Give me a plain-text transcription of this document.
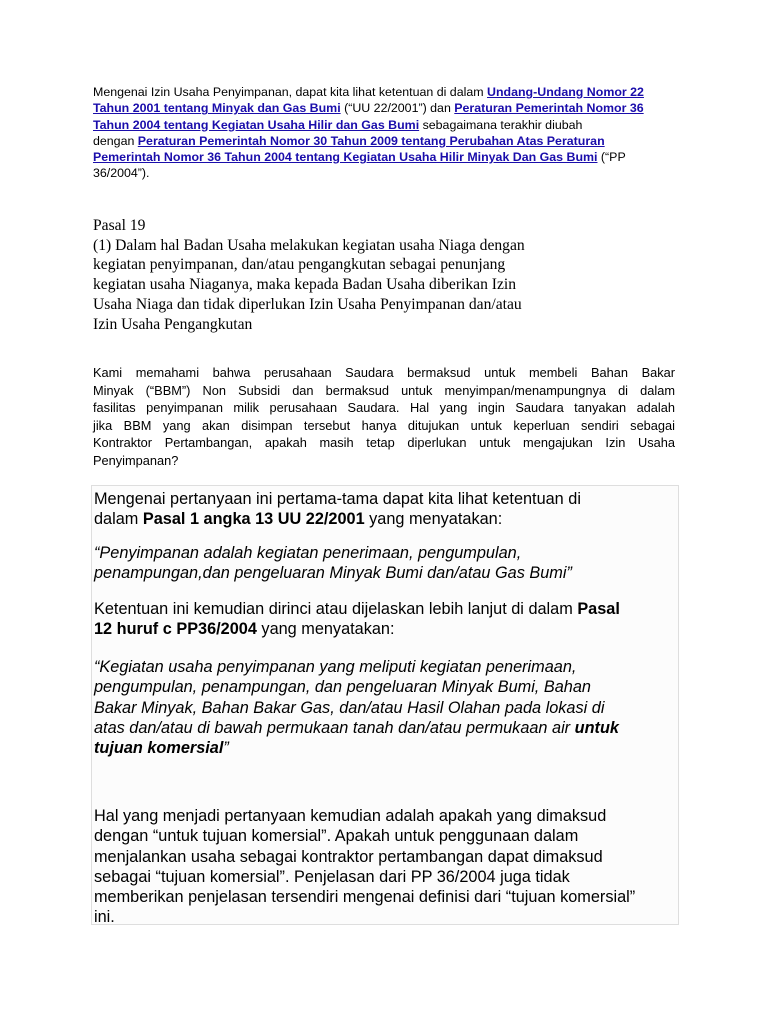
Mengenai Izin Usaha Penyimpanan, dapat kita lihat ketentuan di dalam Undang-Undang Nomor 22
Tahun 2001 tentang Minyak dan Gas Bumi (“UU 22/2001”) dan Peraturan Pemerintah Nomor 36
Tahun 2004 tentang Kegiatan Usaha Hilir dan Gas Bumi sebagaimana terakhir diubah
dengan Peraturan Pemerintah Nomor 30 Tahun 2009 tentang Perubahan Atas Peraturan
Pemerintah Nomor 36 Tahun 2004 tentang Kegiatan Usaha Hilir Minyak Dan Gas Bumi (“PP
36/2004”).
Pasal 19
(1) Dalam hal Badan Usaha melakukan kegiatan usaha Niaga dengan
kegiatan penyimpanan, dan/atau pengangkutan sebagai penunjang
kegiatan usaha Niaganya, maka kepada Badan Usaha diberikan Izin
Usaha Niaga dan tidak diperlukan Izin Usaha Penyimpanan dan/atau
Izin Usaha Pengangkutan
Kami memahami bahwa perusahaan Saudara bermaksud untuk membeli Bahan Bakar
Minyak (“BBM”) Non Subsidi dan bermaksud untuk menyimpan/menampungnya di dalam
fasilitas penyimpanan milik perusahaan Saudara. Hal yang ingin Saudara tanyakan adalah
jika BBM yang akan disimpan tersebut hanya ditujukan untuk keperluan sendiri sebagai
Kontraktor Pertambangan, apakah masih tetap diperlukan untuk mengajukan Izin Usaha
Penyimpanan?
Mengenai pertanyaan ini pertama-tama dapat kita lihat ketentuan di
dalam Pasal 1 angka 13 UU 22/2001 yang menyatakan:
“Penyimpanan adalah kegiatan penerimaan, pengumpulan,
penampungan,dan pengeluaran Minyak Bumi dan/atau Gas Bumi”
Ketentuan ini kemudian dirinci atau dijelaskan lebih lanjut di dalam Pasal
12 huruf c PP36/2004 yang menyatakan:
“Kegiatan usaha penyimpanan yang meliputi kegiatan penerimaan,
pengumpulan, penampungan, dan pengeluaran Minyak Bumi, Bahan
Bakar Minyak, Bahan Bakar Gas, dan/atau Hasil Olahan pada lokasi di
atas dan/atau di bawah permukaan tanah dan/atau permukaan air untuk
tujuan komersial”
Hal yang menjadi pertanyaan kemudian adalah apakah yang dimaksud
dengan “untuk tujuan komersial”. Apakah untuk penggunaan dalam
menjalankan usaha sebagai kontraktor pertambangan dapat dimaksud
sebagai “tujuan komersial”. Penjelasan dari PP 36/2004 juga tidak
memberikan penjelasan tersendiri mengenai definisi dari “tujuan komersial”
ini.
